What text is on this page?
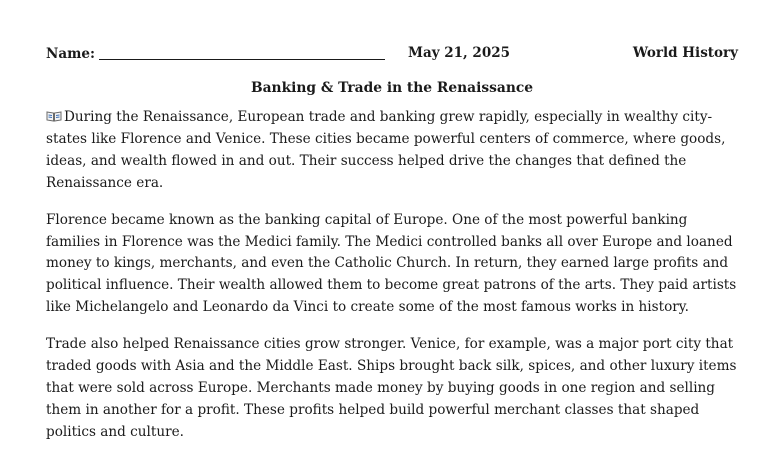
Name:	May 21, 2025	World History
Banking & Trade in the Renaissance

During the Renaissance, European trade and banking grew rapidly, especially in wealthy city-states like Florence and Venice. These cities became powerful centers of commerce, where goods, ideas, and wealth flowed in and out. Their success helped drive the changes that defined the Renaissance era.

Florence became known as the banking capital of Europe. One of the most powerful banking families in Florence was the Medici family. The Medici controlled banks all over Europe and loaned money to kings, merchants, and even the Catholic Church. In return, they earned large profits and political influence. Their wealth allowed them to become great patrons of the arts. They paid artists like Michelangelo and Leonardo da Vinci to create some of the most famous works in history.

Trade also helped Renaissance cities grow stronger. Venice, for example, was a major port city that traded goods with Asia and the Middle East. Ships brought back silk, spices, and other luxury items that were sold across Europe. Merchants made money by buying goods in one region and selling them in another for a profit. These profits helped build powerful merchant classes that shaped politics and culture.
